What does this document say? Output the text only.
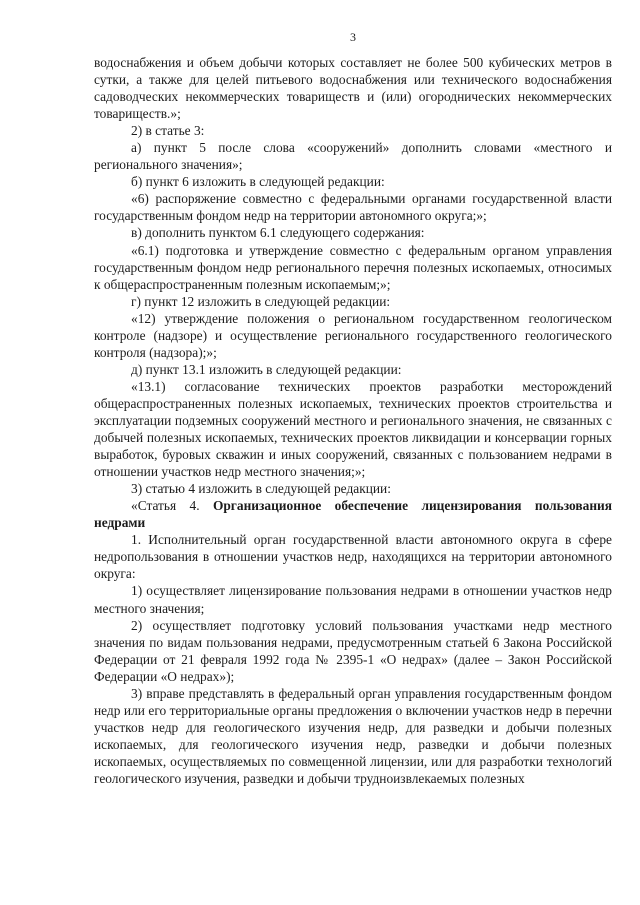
3

водоснабжения и объем добычи которых составляет не более 500 кубических метров в сутки, а также для целей питьевого водоснабжения или технического водоснабжения садоводческих некоммерческих товариществ и (или) огороднических некоммерческих товариществ.»;

2) в статье 3:

а) пункт 5 после слова «сооружений» дополнить словами «местного и регионального значения»;

б) пункт 6 изложить в следующей редакции:

«6) распоряжение совместно с федеральными органами государственной власти государственным фондом недр на территории автономного округа;»;

в) дополнить пунктом 6.1 следующего содержания:

«6.1) подготовка и утверждение совместно с федеральным органом управления государственным фондом недр регионального перечня полезных ископаемых, относимых к общераспространенным полезным ископаемым;»;

г) пункт 12 изложить в следующей редакции:

«12) утверждение положения о региональном государственном геологическом контроле (надзоре) и осуществление регионального государственного геологического контроля (надзора);»;

д) пункт 13.1 изложить в следующей редакции:

«13.1) согласование технических проектов разработки месторождений общераспространенных полезных ископаемых, технических проектов строительства и эксплуатации подземных сооружений местного и регионального значения, не связанных с добычей полезных ископаемых, технических проектов ликвидации и консервации горных выработок, буровых скважин и иных сооружений, связанных с пользованием недрами в отношении участков недр местного значения;»;

3) статью 4 изложить в следующей редакции:

«Статья 4. Организационное обеспечение лицензирования пользования недрами

1. Исполнительный орган государственной власти автономного округа в сфере недропользования в отношении участков недр, находящихся на территории автономного округа:

1) осуществляет лицензирование пользования недрами в отношении участков недр местного значения;

2) осуществляет подготовку условий пользования участками недр местного значения по видам пользования недрами, предусмотренным статьей 6 Закона Российской Федерации от 21 февраля 1992 года № 2395-1 «О недрах» (далее – Закон Российской Федерации «О недрах»);

3) вправе представлять в федеральный орган управления государственным фондом недр или его территориальные органы предложения о включении участков недр в перечни участков недр для геологического изучения недр, для разведки и добычи полезных ископаемых, для геологического изучения недр, разведки и добычи полезных ископаемых, осуществляемых по совмещенной лицензии, или для разработки технологий геологического изучения, разведки и добычи трудноизвлекаемых полезных
